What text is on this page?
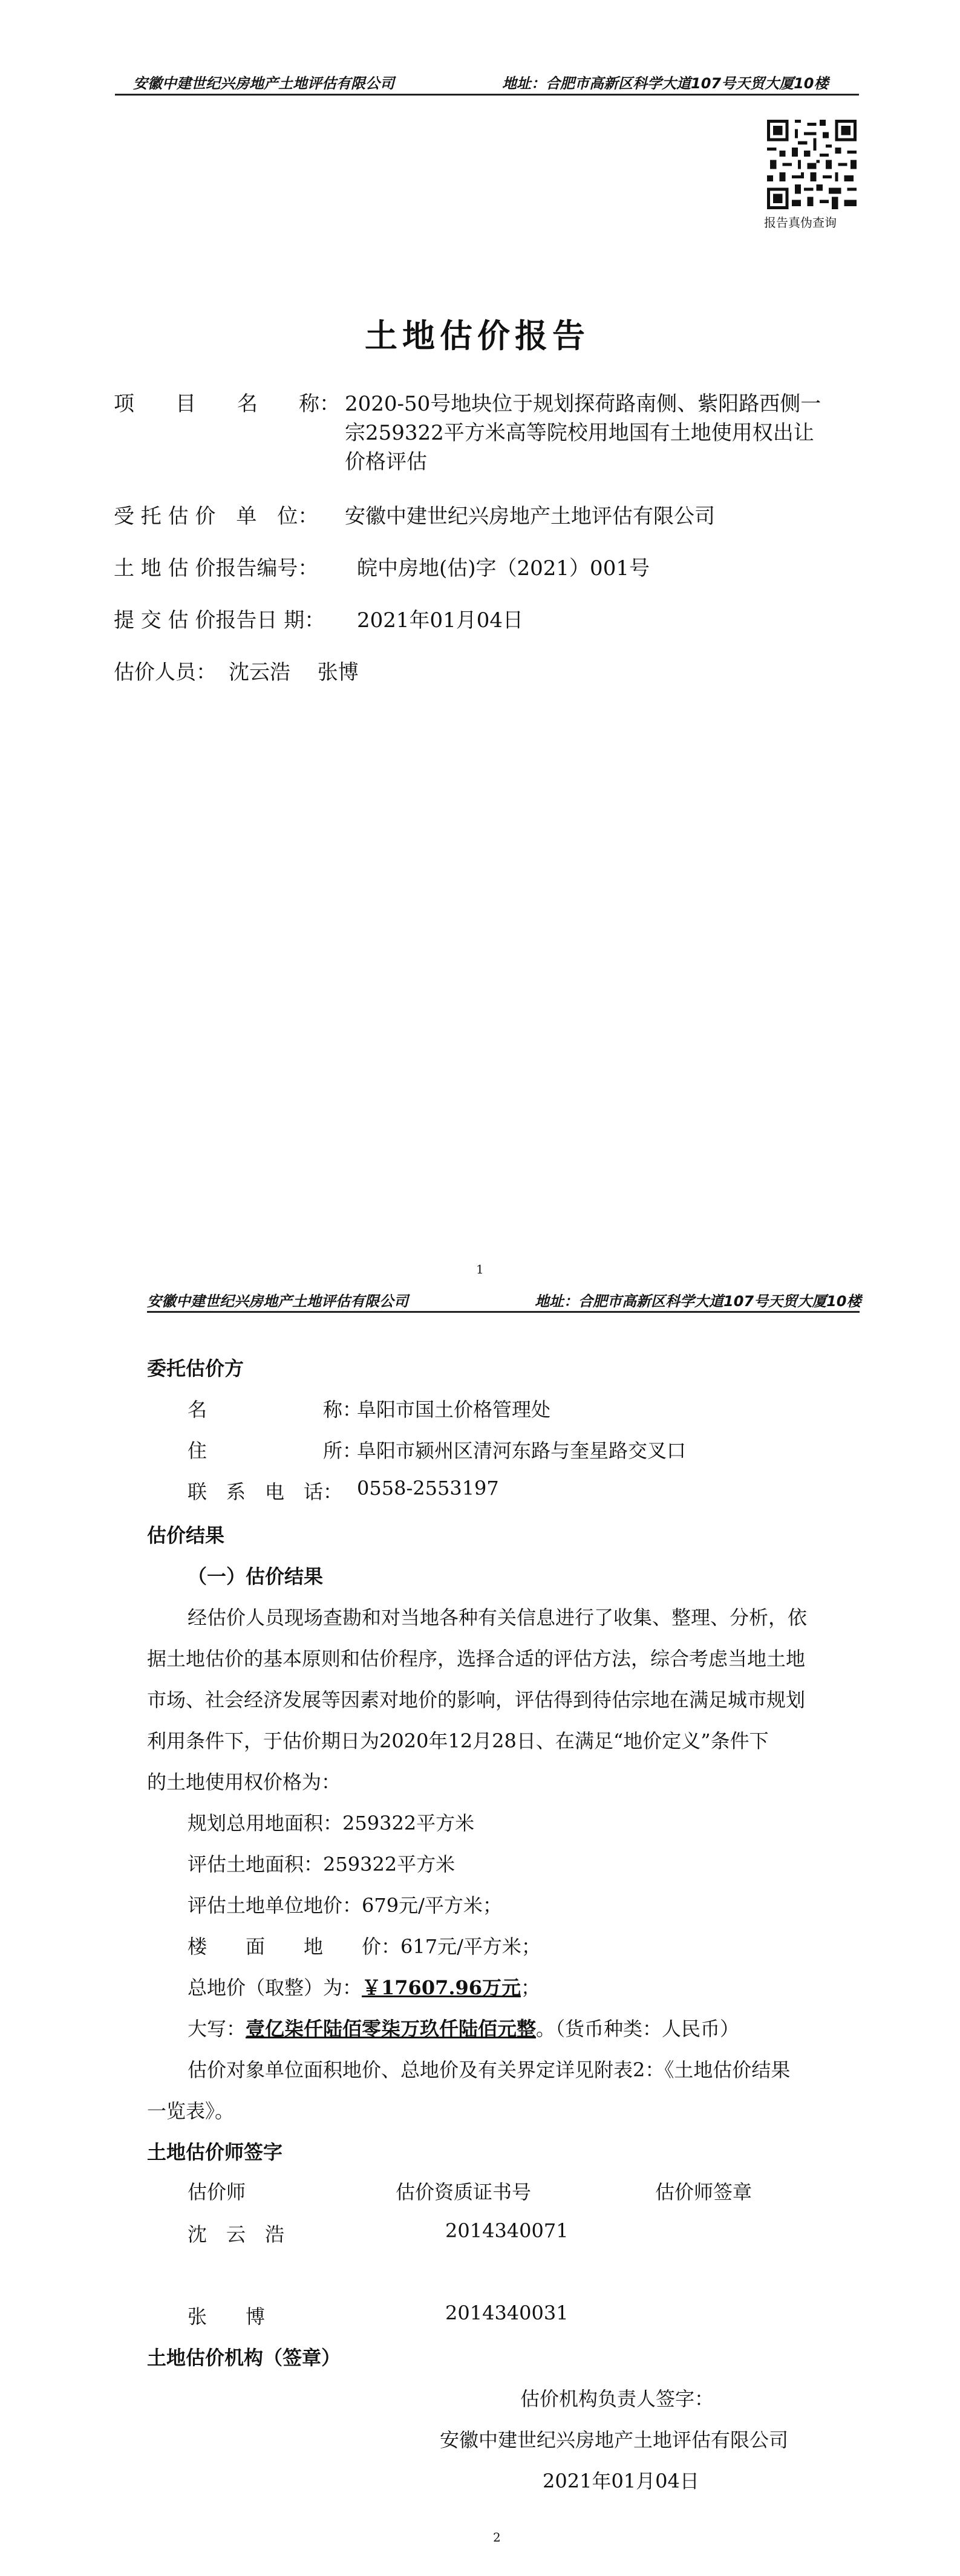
安徽中建世纪兴房地产土地评估有限公司	地址：合肥市高新区科学大道107号天贸大厦10楼
报告真伪查询
土地估价报告
项　　目　　名　　称： 2020-50号地块位于规划探荷路南侧、紫阳路西侧一
宗259322平方米高等院校用地国有土地使用权出让
价格评估
受 托 估 价　单　位： 安徽中建世纪兴房地产土地评估有限公司
土 地 估 价报告编号： 皖中房地(估)字（2021）001号
提 交 估 价报告日 期： 2021年01月04日
估价人员： 沈云浩　 张博
1
安徽中建世纪兴房地产土地评估有限公司	地址：合肥市高新区科学大道107号天贸大厦10楼
委托估价方
名　　　　　　称：
阜阳市国土价格管理处
住　　　　　　所：
阜阳市颍州区清河东路与奎星路交叉口
联　系　电　话： 0558-2553197
估价结果
（一）估价结果
经估价人员现场查勘和对当地各种有关信息进行了收集、整理、分析，依
据土地估价的基本原则和估价程序，选择合适的评估方法，综合考虑当地土地
市场、社会经济发展等因素对地价的影响，评估得到待估宗地在满足城市规划
利用条件下，于估价期日为2020年12月28日、在满足“地价定义”条件下
的土地使用权价格为：
规划总用地面积：259322平方米
评估土地面积：259322平方米
评估土地单位地价：679元/平方米；
楼　　面　　地　　价：617元/平方米；
总地价（取整）为：￥17607.96万元；
大写：壹亿柒仟陆佰零柒万玖仟陆佰元整。（货币种类：人民币）
估价对象单位面积地价、总地价及有关界定详见附表2：《土地估价结果
一览表》。
土地估价师签字
估价师	估价资质证书号	估价师签章
沈　云　浩	2014340071
张　　博	2014340031
土地估价机构（签章）
估价机构负责人签字：
安徽中建世纪兴房地产土地评估有限公司
2021年01月04日
2
